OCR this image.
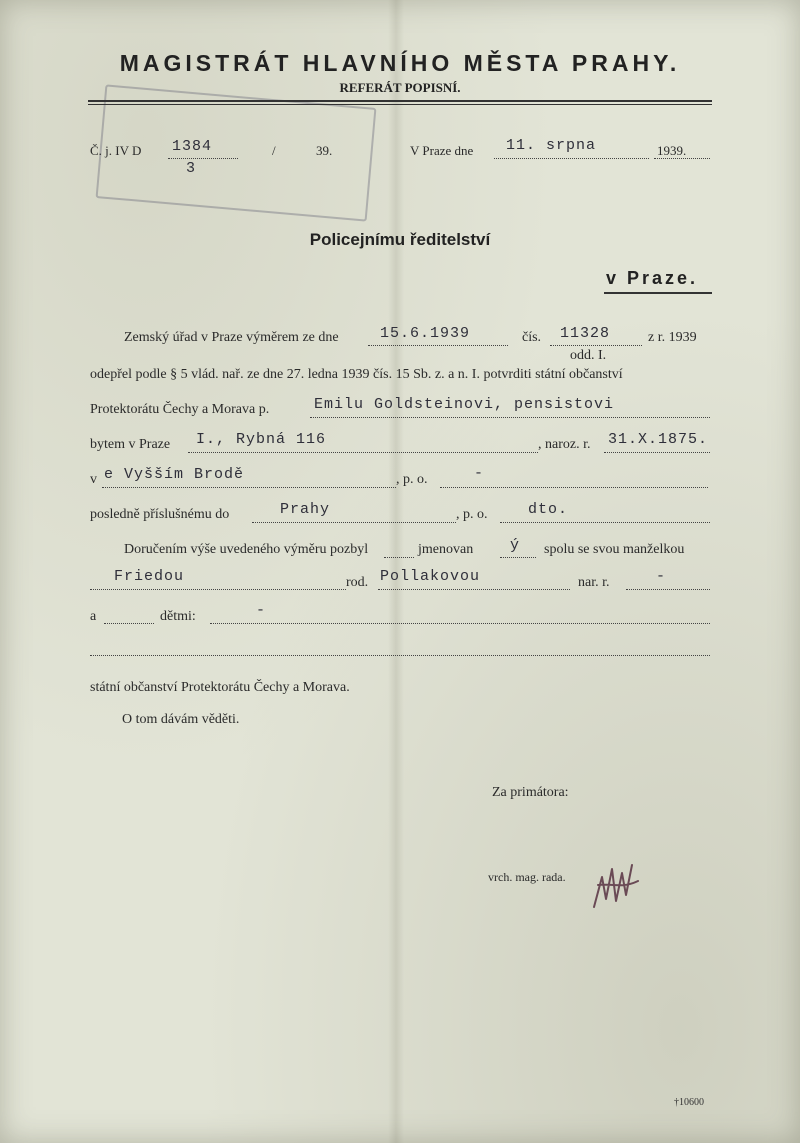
MAGISTRÁT HLAVNÍHO MĚSTA PRAHY.
REFERÁT POPISNÍ.
Č. j. IV D 1384	/	39.
3
V Praze dne 11. srpna	1939.
Policejnímu ředitelství
v Praze.
Zemský úřad v Praze výměrem ze dne	15.6.1939	čís. 11328	z r. 1939
odd. I.
odepřel podle § 5 vlád. nař. ze dne 27. ledna 1939 čís. 15 Sb. z. a n. I. potvrditi státní občanství
Protektorátu Čechy a Morava p.	Emilu Goldsteinovi, pensistovi
bytem v Praze I., Rybná 116	, naroz. r. 31.X.1875.
v e Vyšším Brodě	, p. o.	-
posledně příslušnému do	Prahy	, p. o.	dto.
Doručením výše uvedeného výměru pozbyl	jmenovan ý spolu se svou manželkou
Friedou	rod. Pollakovou	nar. r.	-
a	dětmi:	-
státní občanství Protektorátu Čechy a Morava.
O tom dávám věděti.
Za primátora:
vrch. mag. rada.
†10600
